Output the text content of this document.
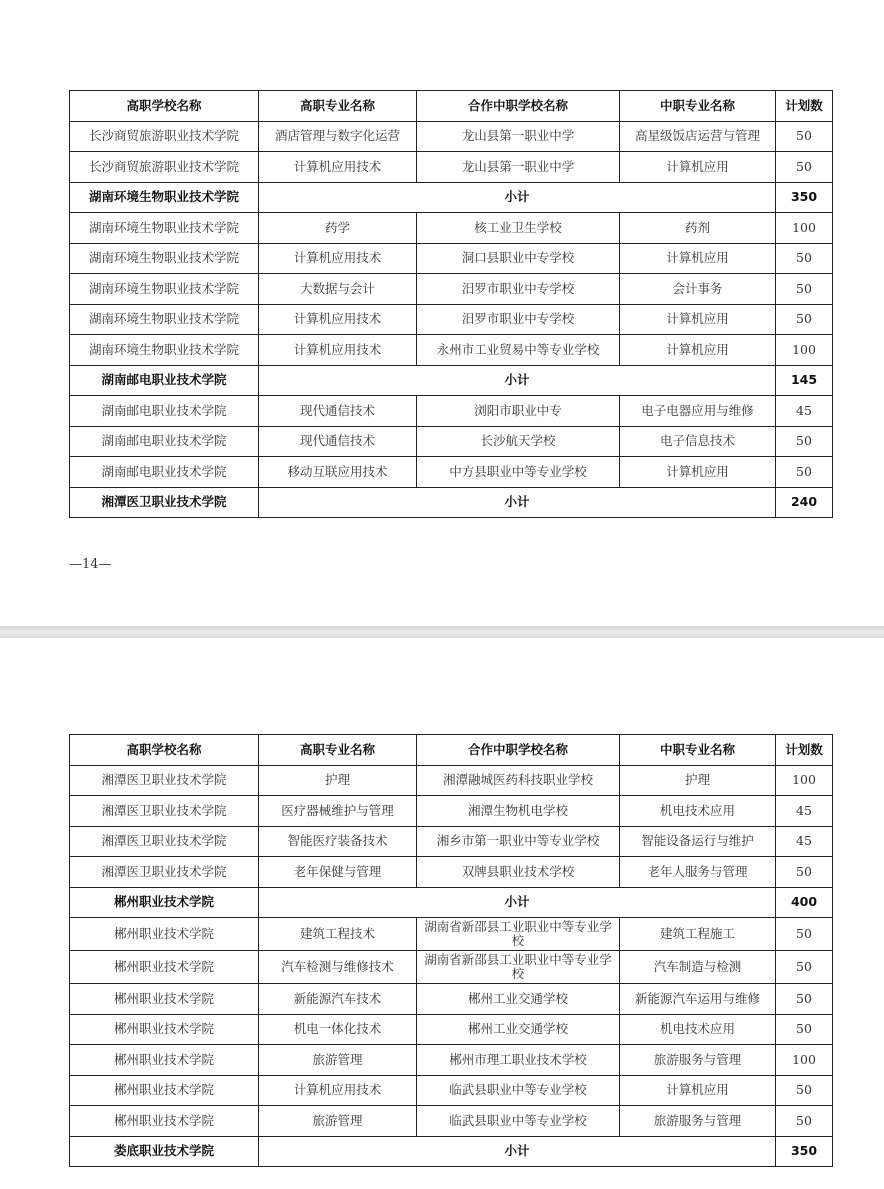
高职学校名称	高职专业名称	合作中职学校名称	中职专业名称	计划数
长沙商贸旅游职业技术学院	酒店管理与数字化运营	龙山县第一职业中学	高星级饭店运营与管理	50
长沙商贸旅游职业技术学院	计算机应用技术	龙山县第一职业中学	计算机应用	50
湖南环境生物职业技术学院	小计			350
湖南环境生物职业技术学院	药学	核工业卫生学校	药剂	100
湖南环境生物职业技术学院	计算机应用技术	洞口县职业中专学校	计算机应用	50
湖南环境生物职业技术学院	大数据与会计	汨罗市职业中专学校	会计事务	50
湖南环境生物职业技术学院	计算机应用技术	汨罗市职业中专学校	计算机应用	50
湖南环境生物职业技术学院	计算机应用技术	永州市工业贸易中等专业学校	计算机应用	100
湖南邮电职业技术学院	小计			145
湖南邮电职业技术学院	现代通信技术	浏阳市职业中专	电子电器应用与维修	45
湖南邮电职业技术学院	现代通信技术	长沙航天学校	电子信息技术	50
湖南邮电职业技术学院	移动互联应用技术	中方县职业中等专业学校	计算机应用	50
湘潭医卫职业技术学院	小计			240
—14—
高职学校名称	高职专业名称	合作中职学校名称	中职专业名称	计划数
湘潭医卫职业技术学院	护理	湘潭融城医药科技职业学校	护理	100
湘潭医卫职业技术学院	医疗器械维护与管理	湘潭生物机电学校	机电技术应用	45
湘潭医卫职业技术学院	智能医疗装备技术	湘乡市第一职业中等专业学校	智能设备运行与维护	45
湘潭医卫职业技术学院	老年保健与管理	双牌县职业技术学校	老年人服务与管理	50
郴州职业技术学院	小计			400
郴州职业技术学院	建筑工程技术	湖南省新邵县工业职业中等专业学校	建筑工程施工	50
郴州职业技术学院	汽车检测与维修技术	湖南省新邵县工业职业中等专业学校	汽车制造与检测	50
郴州职业技术学院	新能源汽车技术	郴州工业交通学校	新能源汽车运用与维修	50
郴州职业技术学院	机电一体化技术	郴州工业交通学校	机电技术应用	50
郴州职业技术学院	旅游管理	郴州市理工职业技术学校	旅游服务与管理	100
郴州职业技术学院	计算机应用技术	临武县职业中等专业学校	计算机应用	50
郴州职业技术学院	旅游管理	临武县职业中等专业学校	旅游服务与管理	50
娄底职业技术学院	小计			350
